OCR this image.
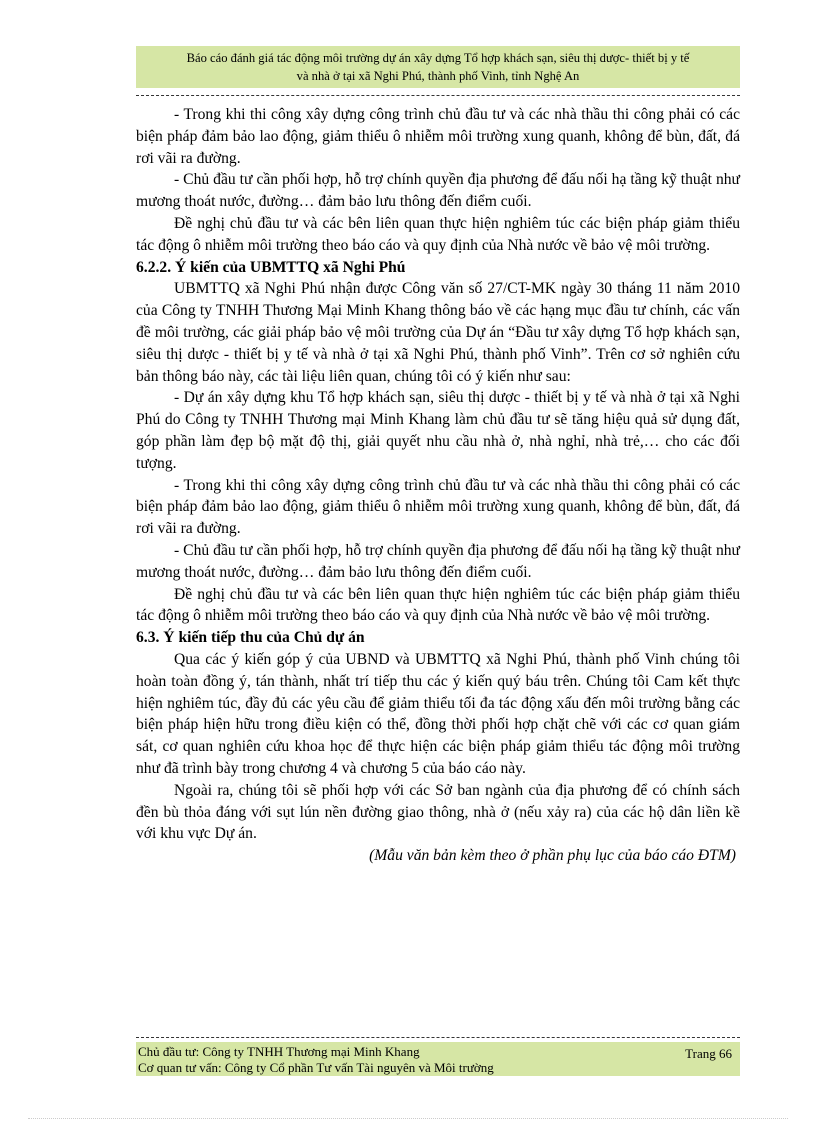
Báo cáo đánh giá tác động môi trường dự án xây dựng Tổ hợp khách sạn, siêu thị dược- thiết bị y tế
và nhà ở tại xã Nghi Phú, thành phố Vinh, tỉnh Nghệ An

- Trong khi thi công xây dựng công trình chủ đầu tư và các nhà thầu thi công phải có các biện pháp đảm bảo lao động, giảm thiểu ô nhiễm môi trường xung quanh, không để bùn, đất, đá rơi vãi ra đường.

- Chủ đầu tư cần phối hợp, hỗ trợ chính quyền địa phương để đấu nối hạ tầng kỹ thuật như mương thoát nước, đường… đảm bảo lưu thông đến điểm cuối.

Đề nghị chủ đầu tư và các bên liên quan thực hiện nghiêm túc các biện pháp giảm thiểu tác động ô nhiễm môi trường theo báo cáo và quy định của Nhà nước về bảo vệ môi trường.

6.2.2. Ý kiến của UBMTTQ xã Nghi Phú

UBMTTQ xã Nghi Phú nhận được Công văn số 27/CT-MK ngày 30 tháng 11 năm 2010 của Công ty TNHH Thương Mại Minh Khang thông báo về các hạng mục đầu tư chính, các vấn đề môi trường, các giải pháp bảo vệ môi trường của Dự án “Đầu tư xây dựng Tổ hợp khách sạn, siêu thị dược - thiết bị y tế và nhà ở tại xã Nghi Phú, thành phố Vinh”. Trên cơ sở nghiên cứu bản thông báo này, các tài liệu liên quan, chúng tôi có ý kiến như sau:

- Dự án xây dựng khu Tổ hợp khách sạn, siêu thị dược - thiết bị y tế và nhà ở tại xã Nghi Phú do Công ty TNHH Thương mại Minh Khang làm chủ đầu tư sẽ tăng hiệu quả sử dụng đất, góp phần làm đẹp bộ mặt độ thị, giải quyết nhu cầu nhà ở, nhà nghỉ, nhà trẻ,… cho các đối tượng.

- Trong khi thi công xây dựng công trình chủ đầu tư và các nhà thầu thi công phải có các biện pháp đảm bảo lao động, giảm thiểu ô nhiễm môi trường xung quanh, không để bùn, đất, đá rơi vãi ra đường.

- Chủ đầu tư cần phối hợp, hỗ trợ chính quyền địa phương để đấu nối hạ tầng kỹ thuật như mương thoát nước, đường… đảm bảo lưu thông đến điểm cuối.

Đề nghị chủ đầu tư và các bên liên quan thực hiện nghiêm túc các biện pháp giảm thiểu tác động ô nhiễm môi trường theo báo cáo và quy định của Nhà nước về bảo vệ môi trường.

6.3. Ý kiến tiếp thu của Chủ dự án

Qua các ý kiến góp ý của UBND và UBMTTQ xã Nghi Phú, thành phố Vinh chúng tôi hoàn toàn đồng ý, tán thành, nhất trí tiếp thu các ý kiến quý báu trên. Chúng tôi Cam kết thực hiện nghiêm túc, đầy đủ các yêu cầu để giảm thiểu tối đa tác động xấu đến môi trường bằng các biện pháp hiện hữu trong điều kiện có thể, đồng thời phối hợp chặt chẽ với các cơ quan giám sát, cơ quan nghiên cứu khoa học để thực hiện các biện pháp giảm thiểu tác động môi trường như đã trình bày trong chương 4 và chương 5 của báo cáo này.

Ngoài ra, chúng tôi sẽ phối hợp với các Sở ban ngành của địa phương để có chính sách đền bù thỏa đáng với sụt lún nền đường giao thông, nhà ở (nếu xảy ra) của các hộ dân liền kề với khu vực Dự án.

(Mẫu văn bản kèm theo ở phần phụ lục của báo cáo ĐTM)

Chủ đầu tư: Công ty TNHH Thương mại Minh Khang
Cơ quan tư vấn: Công ty Cổ phần Tư vấn Tài nguyên và Môi trường
Trang 66
